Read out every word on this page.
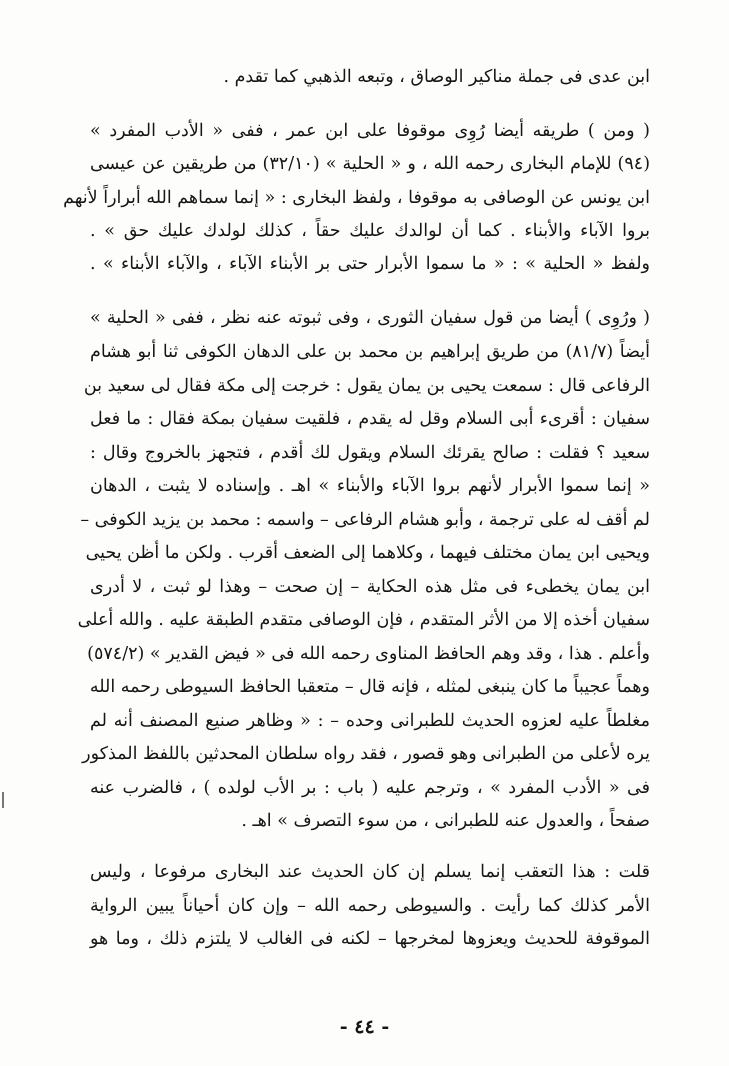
ابن عدى فى جملة مناكير الوصاق ، وتبعه الذهبي كما تقدم .
( ومن ) طريقه أيضا رُوِى موقوفا على ابن عمر ، ففى « الأدب المفرد »
(٩٤) للإمام البخارى رحمه الله ، و « الحلية » (٣٢/١٠) من طريقين عن عيسى
ابن يونس عن الوصافى به موقوفا ، ولفظ البخارى : « إنما سماهم الله أبراراً لأنهم
بروا الآباء والأبناء . كما أن لوالدك عليك حقاً ، كذلك لولدك عليك حق » .
ولفظ « الحلية » : « ما سموا الأبرار حتى بر الأبناء الآباء ، والآباء الأبناء » .
( ورُوِى ) أيضا من قول سفيان الثورى ، وفى ثبوته عنه نظر ، ففى « الحلية »
أيضاً (٨١/٧) من طريق إبراهيم بن محمد بن على الدهان الكوفى ثنا أبو هشام
الرفاعى قال : سمعت يحيى بن يمان يقول : خرجت إلى مكة فقال لى سعيد بن
سفيان : أقرىء أبى السلام وقل له يقدم ، فلقيت سفيان بمكة فقال : ما فعل
سعيد ؟ فقلت : صالح يقرئك السلام ويقول لك أقدم ، فتجهز بالخروج وقال :
« إنما سموا الأبرار لأنهم بروا الآباء والأبناء » اهـ . وإسناده لا يثبت ، الدهان
لم أقف له على ترجمة ، وأبو هشام الرفاعى – واسمه : محمد بن يزيد الكوفى –
ويحيى ابن يمان مختلف فيهما ، وكلاهما إلى الضعف أقرب . ولكن ما أظن يحيى
ابن يمان يخطىء فى مثل هذه الحكاية – إن صحت – وهذا لو ثبت ، لا أدرى
سفيان أخذه إلا من الأثر المتقدم ، فإن الوصافى متقدم الطبقة عليه . والله أعلى
وأعلم . هذا ، وقد وهم الحافظ المناوى رحمه الله فى « فيض القدير » (٥٧٤/٢)
وهماً عجيباً ما كان ينبغى لمثله ، فإنه قال – متعقبا الحافظ السيوطى رحمه الله
مغلطاً عليه لعزوه الحديث للطبرانى وحده – : « وظاهر صنيع المصنف أنه لم
يره لأعلى من الطبرانى وهو قصور ، فقد رواه سلطان المحدثين باللفظ المذكور
فى « الأدب المفرد » ، وترجم عليه ( باب : بر الأب لولده ) ، فالضرب عنه
صفحاً ، والعدول عنه للطبرانى ، من سوء التصرف » اهـ .
قلت : هذا التعقب إنما يسلم إن كان الحديث عند البخارى مرفوعا ، وليس
الأمر كذلك كما رأيت . والسيوطى رحمه الله – وإن كان أحياناً يبين الرواية
الموقوفة للحديث ويعزوها لمخرجها – لكنه فى الغالب لا يلتزم ذلك ، وما هو
- ٤٤ -
